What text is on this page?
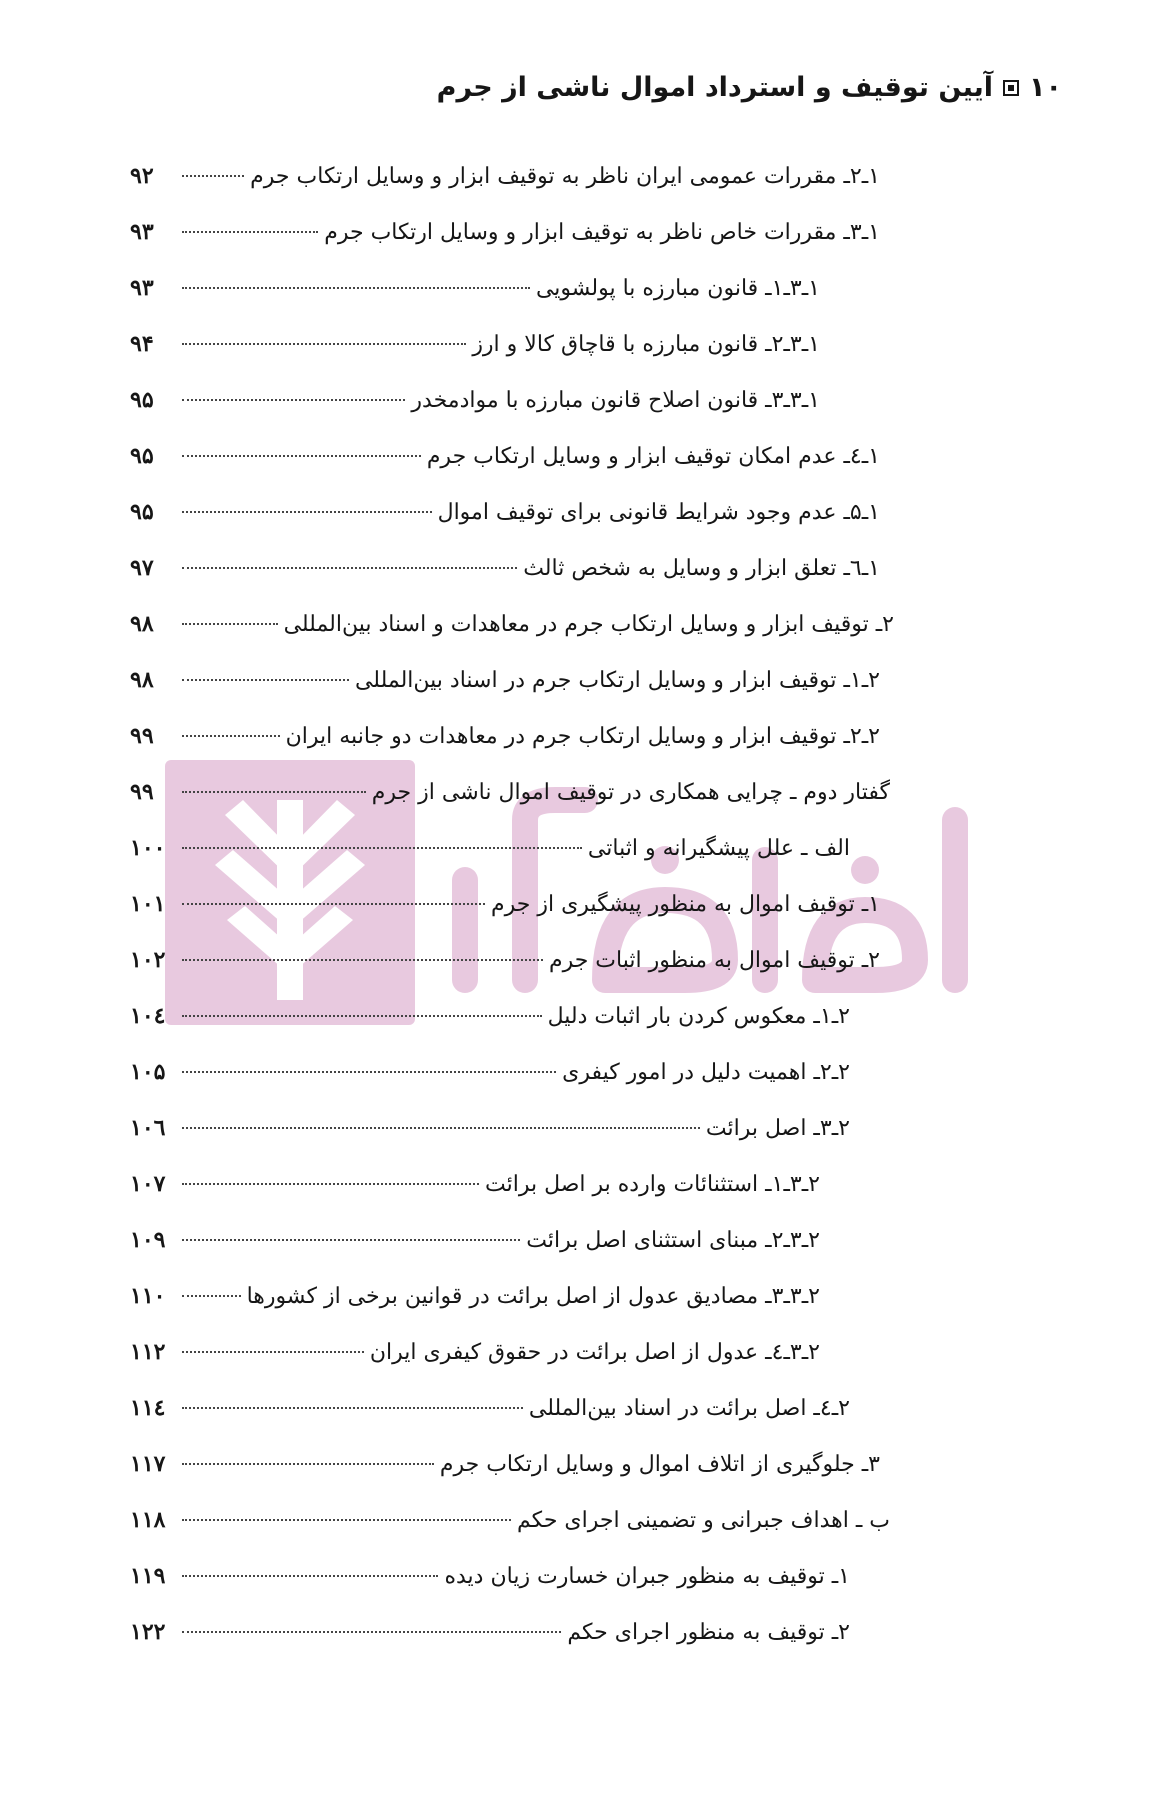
۱۰
آیین توقیف و استرداد اموال ناشی از جرم
۱ـ۲ـ مقررات عمومی ایران ناظر به توقیف ابزار و وسایل ارتکاب جرم
۹۲
۱ـ۳ـ مقررات خاص ناظر به توقیف ابزار و وسایل ارتکاب جرم
۹۳
۱ـ۳ـ۱ـ قانون مبارزه با پولشویی
۹۳
۱ـ۳ـ۲ـ قانون مبارزه با قاچاق کالا و ارز
۹۴
۱ـ۳ـ۳ـ قانون اصلاح قانون مبارزه با موادمخدر
۹۵
۱ـ٤ـ عدم امکان توقیف ابزار و وسایل ارتکاب جرم
۹۵
۱ـ۵ـ عدم وجود شرایط قانونی برای توقیف اموال
۹۵
۱ـ٦ـ تعلق ابزار و وسایل به شخص ثالث
۹۷
۲ـ توقیف ابزار و وسایل ارتکاب جرم در معاهدات و اسناد بین‌المللی
۹۸
۲ـ۱ـ توقیف ابزار و وسایل ارتکاب جرم در اسناد بین‌المللی
۹۸
۲ـ۲ـ توقیف ابزار و وسایل ارتکاب جرم در معاهدات دو جانبه ایران
۹۹
گفتار دوم ـ چرایی همکاری در توقیف اموال ناشی از جرم
۹۹
الف ـ علل پیشگیرانه و اثباتی
۱۰۰
۱ـ توقیف اموال به منظور پیشگیری از جرم
۱۰۱
۲ـ توقیف اموال به منظور اثبات جرم
۱۰۲
۲ـ۱ـ معکوس کردن بار اثبات دلیل
۱۰٤
۲ـ۲ـ اهمیت دلیل در امور کیفری
۱۰۵
۲ـ۳ـ اصل برائت
۱۰٦
۲ـ۳ـ۱ـ استثنائات وارده بر اصل برائت
۱۰۷
۲ـ۳ـ۲ـ مبنای استثنای اصل برائت
۱۰۹
۲ـ۳ـ۳ـ مصادیق عدول از اصل برائت در قوانین برخی از کشورها
۱۱۰
۲ـ۳ـ٤ـ عدول از اصل برائت در حقوق کیفری ایران
۱۱۲
۲ـ٤ـ اصل برائت در اسناد بین‌المللی
۱۱٤
۳ـ جلوگیری از اتلاف اموال و وسایل ارتکاب جرم
۱۱۷
ب ـ اهداف جبرانی و تضمینی اجرای حکم
۱۱۸
۱ـ توقیف به منظور جبران خسارت زیان دیده
۱۱۹
۲ـ توقیف به منظور اجرای حکم
۱۲۲
